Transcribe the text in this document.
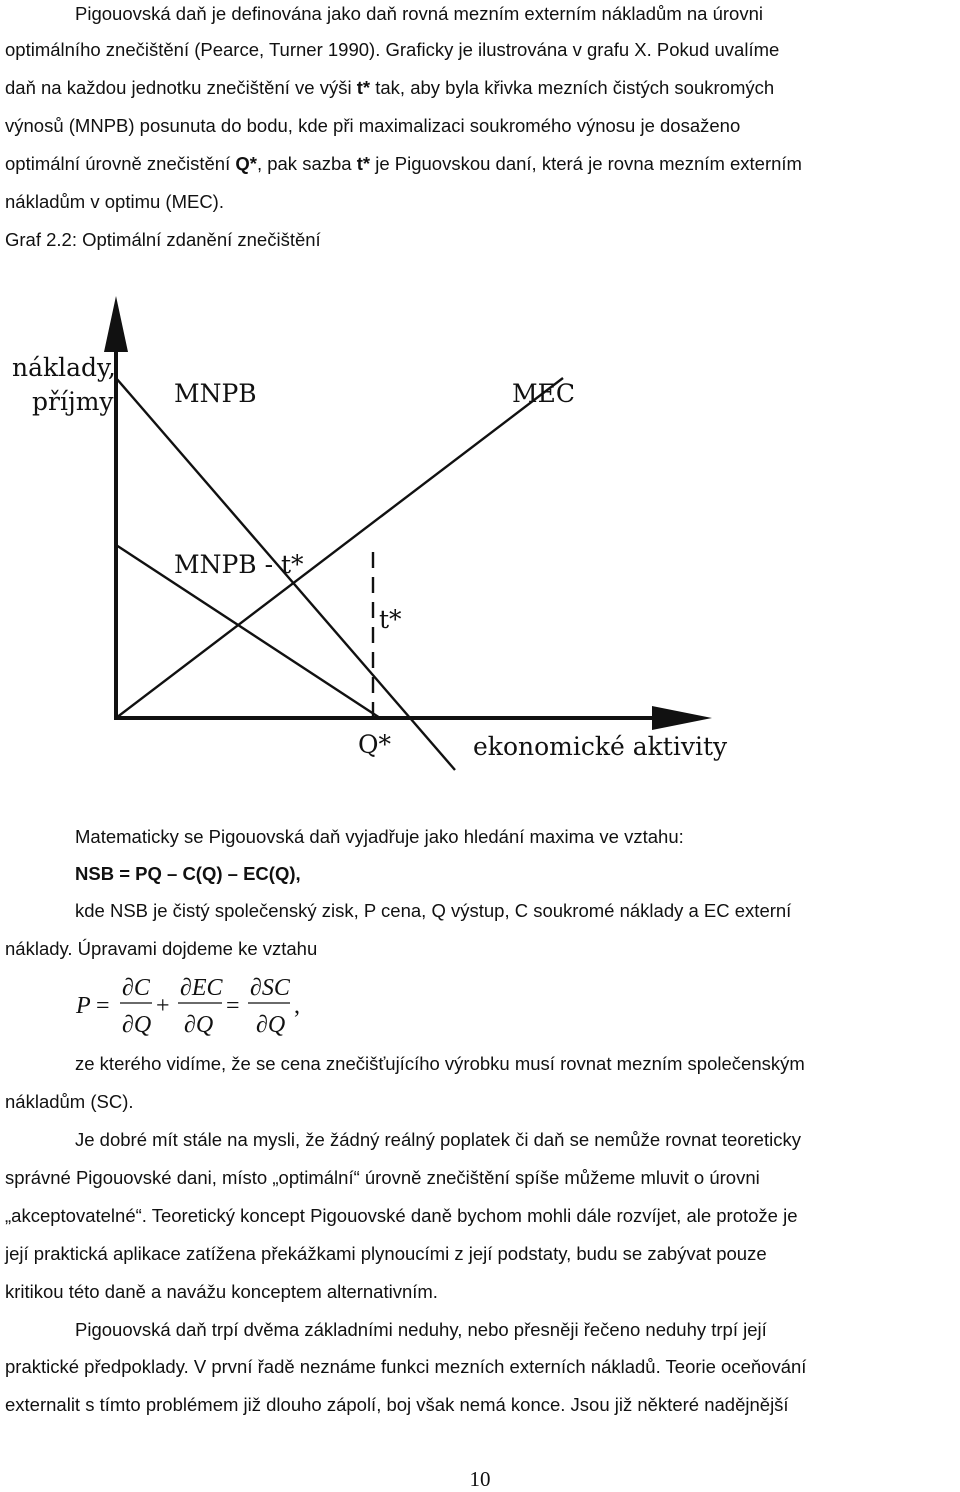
Pigouovská daň je definována jako daň rovná mezním externím nákladům na úrovni
optimálního znečištění (Pearce, Turner 1990). Graficky je ilustrována v grafu X. Pokud uvalíme
daň na každou jednotku znečištění ve výši t* tak, aby byla křivka mezních čistých soukromých
výnosů (MNPB) posunuta do bodu, kde při maximalizaci soukromého výnosu je dosaženo
optimální úrovně znečistění Q*, pak sazba t* je Piguovskou daní, která je rovna mezním externím
nákladům v optimu (MEC).
Graf 2.2: Optimální zdanění znečištění
náklady,
příjmy MNPB	MEC
MNPB - t*
t*
Q*	ekonomické aktivity
Matematicky se Pigouovská daň vyjadřuje jako hledání maxima ve vztahu:
NSB = PQ – C(Q) – EC(Q),
kde NSB je čistý společenský zisk, P cena, Q výstup, C soukromé náklady a EC externí
náklady. Úpravami dojdeme ke vztahu
P =
∂C
∂Q
+
∂EC
∂Q
=
∂SC
∂Q
,
ze kterého vidíme, že se cena znečišťujícího výrobku musí rovnat mezním společenským
nákladům (SC).
Je dobré mít stále na mysli, že žádný reálný poplatek či daň se nemůže rovnat teoreticky
správné Pigouovské dani, místo „optimální“ úrovně znečištění spíše můžeme mluvit o úrovni
„akceptovatelné“. Teoretický koncept Pigouovské daně bychom mohli dále rozvíjet, ale protože je
její praktická aplikace zatížena překážkami plynoucími z její podstaty, budu se zabývat pouze
kritikou této daně a navážu konceptem alternativním.
Pigouovská daň trpí dvěma základními neduhy, nebo přesněji řečeno neduhy trpí její
praktické předpoklady. V první řadě neznáme funkci mezních externích nákladů. Teorie oceňování
externalit s tímto problémem již dlouho zápolí, boj však nemá konce. Jsou již některé nadějnější
10
